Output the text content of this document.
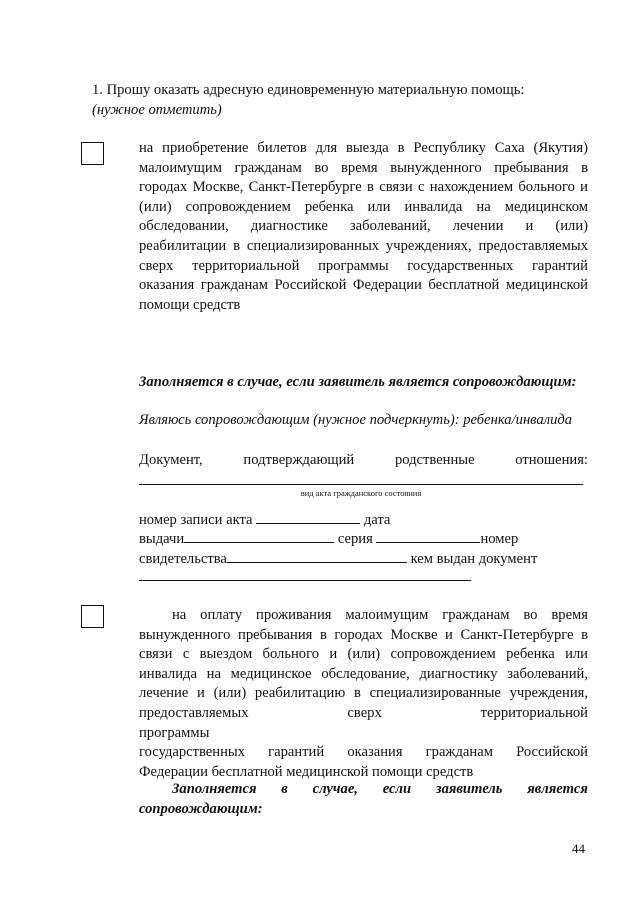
1. Прошу оказать адресную единовременную материальную помощь:
(нужное отметить)
на приобретение билетов для выезда в Республику Саха (Якутия)
малоимущим гражданам во время вынужденного пребывания в
городах Москве, Санкт-Петербурге в связи с нахождением больного и
(или) сопровождением ребенка или инвалида на медицинском
обследовании, диагностике заболеваний, лечении и (или)
реабилитации в специализированных учреждениях, предоставляемых
сверх территориальной программы государственных гарантий
оказания гражданам Российской Федерации бесплатной медицинской
помощи средств
Заполняется в случае, если заявитель является сопровождающим:
Являюсь сопровождающим (нужное подчеркнуть): ребенка/инвалида
Документ,	подтверждающий	родственные	отношения:
вид акта гражданского состояния
номер записи акта	дата
выдачи	серия	номер
свидетельства	кем выдан документ
на оплату проживания малоимущим гражданам во время
вынужденного пребывания в городах Москве и Санкт-Петербурге в
связи с выездом больного и (или) сопровождением ребенка или
инвалида на медицинское обследование, диагностику заболеваний,
лечение и (или) реабилитацию в специализированные учреждения,
предоставляемых сверх территориальной программы
государственных гарантий оказания гражданам Российской
Федерации бесплатной медицинской помощи средств
Заполняется в случае, если заявитель является
сопровождающим:
44
